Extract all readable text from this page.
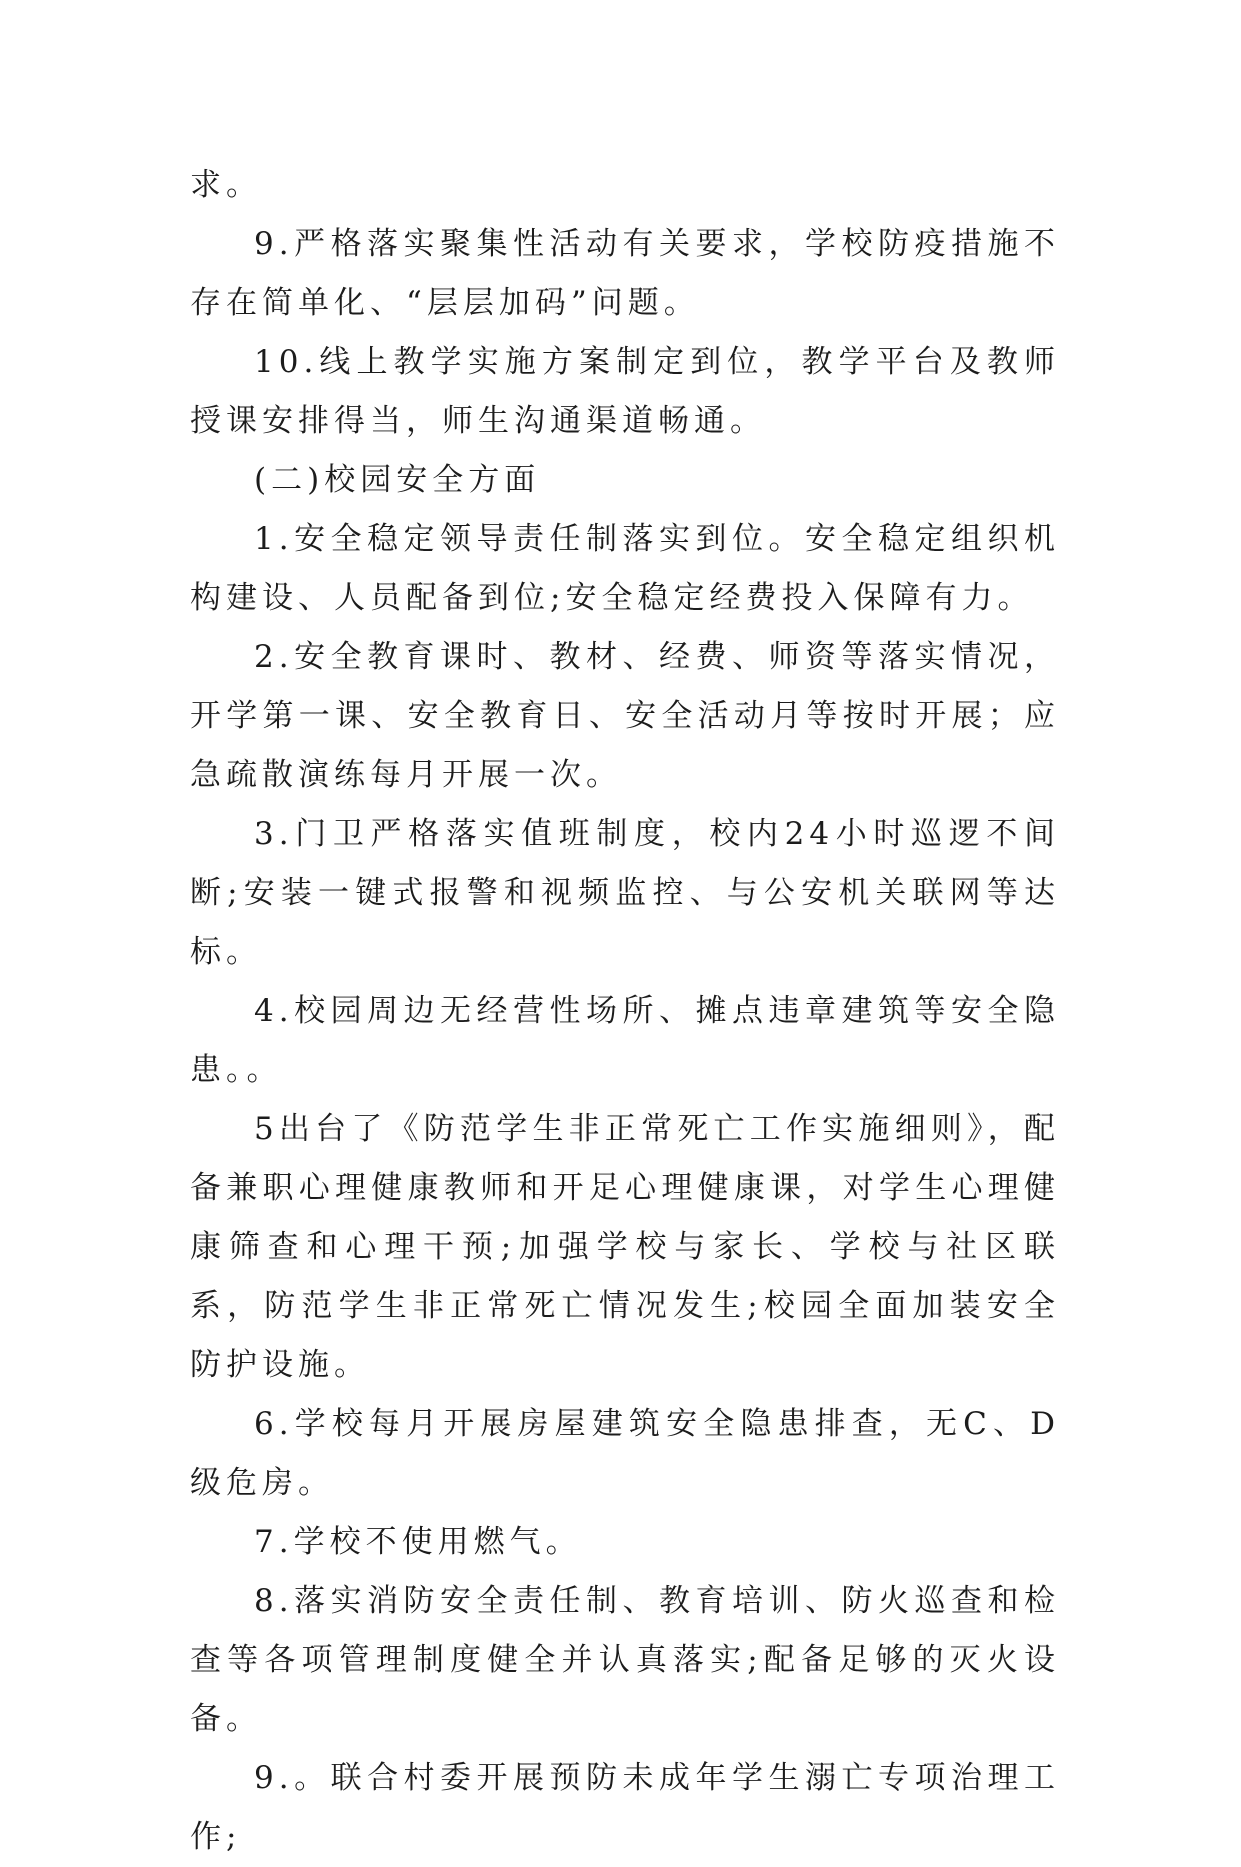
求。

9.严格落实聚集性活动有关要求，学校防疫措施不存在简单化、“层层加码”问题。

10.线上教学实施方案制定到位，教学平台及教师授课安排得当，师生沟通渠道畅通。

(二)校园安全方面

1.安全稳定领导责任制落实到位。安全稳定组织机构建设、人员配备到位;安全稳定经费投入保障有力。

2.安全教育课时、教材、经费、师资等落实情况，开学第一课、安全教育日、安全活动月等按时开展；应急疏散演练每月开展一次。

3.门卫严格落实值班制度，校内24小时巡逻不间断;安装一键式报警和视频监控、与公安机关联网等达标。

4.校园周边无经营性场所、摊点违章建筑等安全隐患。。

5出台了《防范学生非正常死亡工作实施细则》，配备兼职心理健康教师和开足心理健康课，对学生心理健康筛查和心理干预;加强学校与家长、学校与社区联系，防范学生非正常死亡情况发生;校园全面加装安全防护设施。

6.学校每月开展房屋建筑安全隐患排查，无C、D级危房。

7.学校不使用燃气。

8.落实消防安全责任制、教育培训、防火巡查和检查等各项管理制度健全并认真落实;配备足够的灭火设备。

9.。联合村委开展预防未成年学生溺亡专项治理工作;
